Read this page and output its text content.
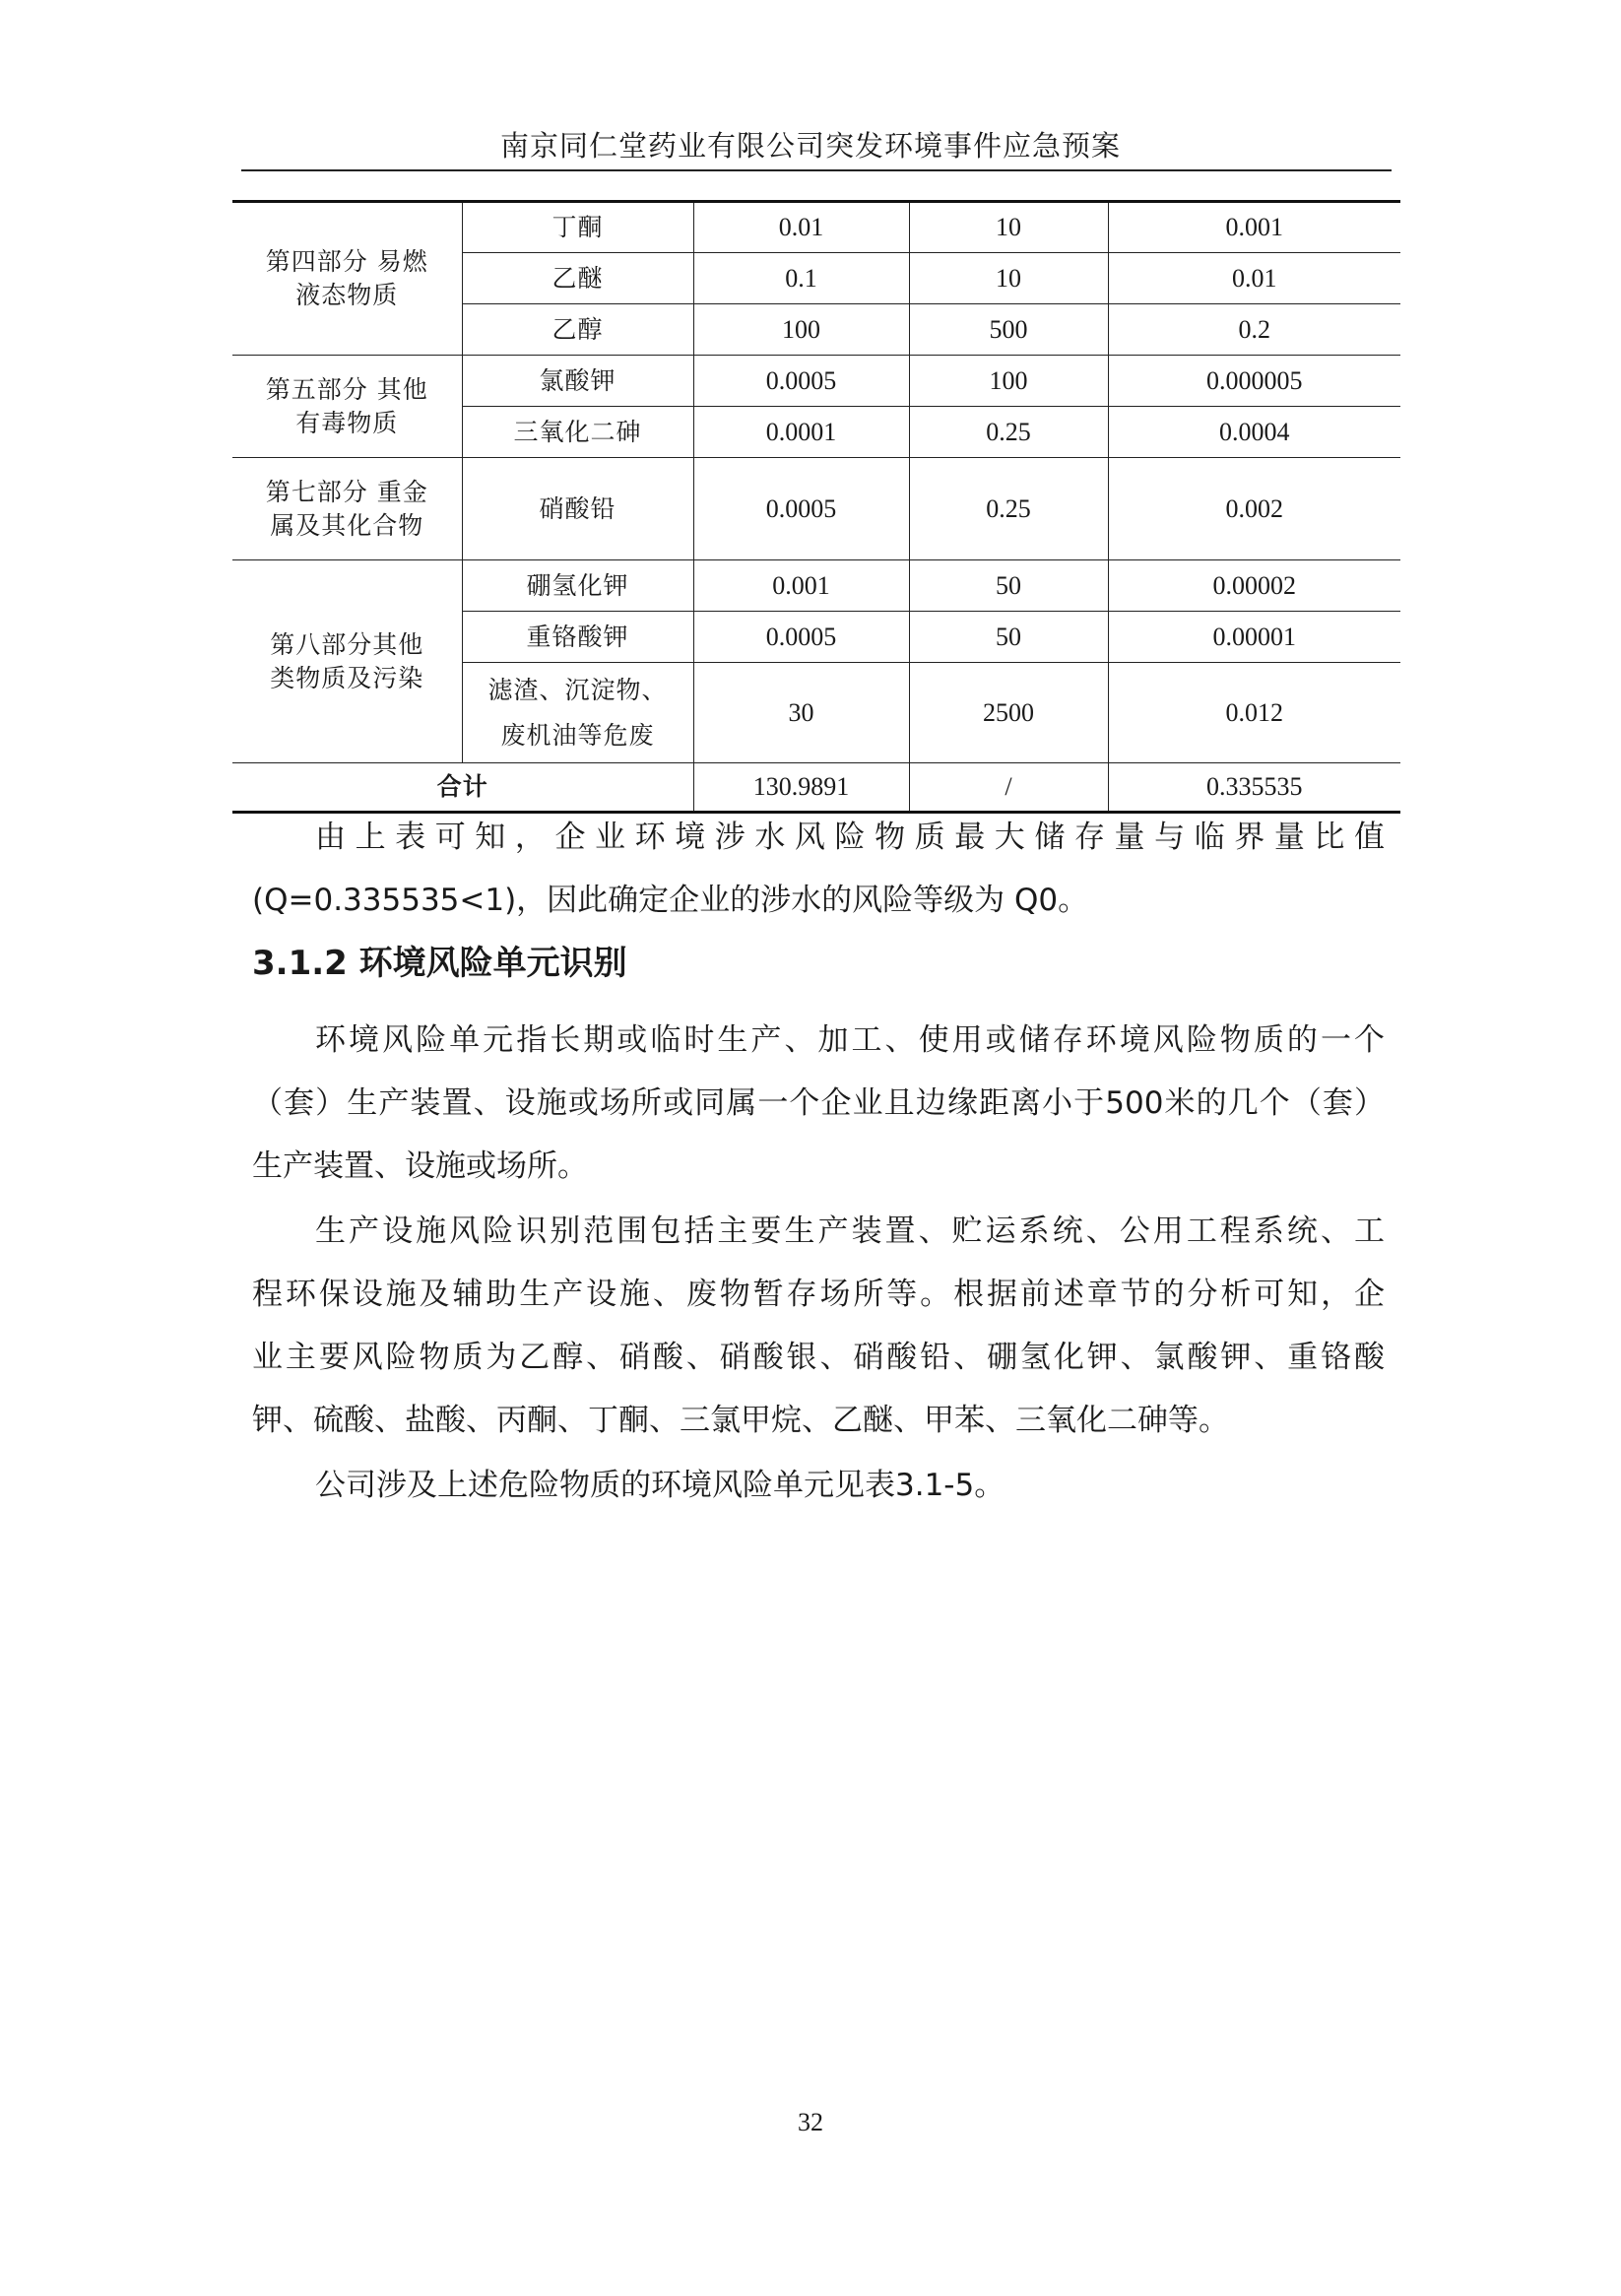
南京同仁堂药业有限公司突发环境事件应急预案
第四部分 易燃
液态物质	丁酮	0.01	10	0.001
	乙醚	0.1	10	0.01
	乙醇	100	500	0.2

第五部分 其他
有毒物质	氯酸钾	0.0005	100	0.000005
	三氧化二砷	0.0001	0.25	0.0004

第七部分 重金
属及其化合物	硝酸铅	0.0005	0.25	0.002

第八部分其他
类物质及污染	硼氢化钾	0.001	50	0.00002
	重铬酸钾	0.0005	50	0.00001

	滤渣、沉淀物、
废机油等危废	30	2500	0.012
合计		130.9891	/	0.335535
由上表可知，企业环境涉水风险物质最大储存量与临界量比值
(Q=0.335535<1)，因此确定企业的涉水的风险等级为 Q0。
3.1.2 环境风险单元识别
环境风险单元指长期或临时生产、加工、使用或储存环境风险物质的一个
（套）生产装置、设施或场所或同属一个企业且边缘距离小于500米的几个（套）
生产装置、设施或场所。
生产设施风险识别范围包括主要生产装置、贮运系统、公用工程系统、工
程环保设施及辅助生产设施、废物暂存场所等。根据前述章节的分析可知，企
业主要风险物质为乙醇、硝酸、硝酸银、硝酸铅、硼氢化钾、氯酸钾、重铬酸
钾、硫酸、盐酸、丙酮、丁酮、三氯甲烷、乙醚、甲苯、三氧化二砷等。
公司涉及上述危险物质的环境风险单元见表3.1-5。
32
